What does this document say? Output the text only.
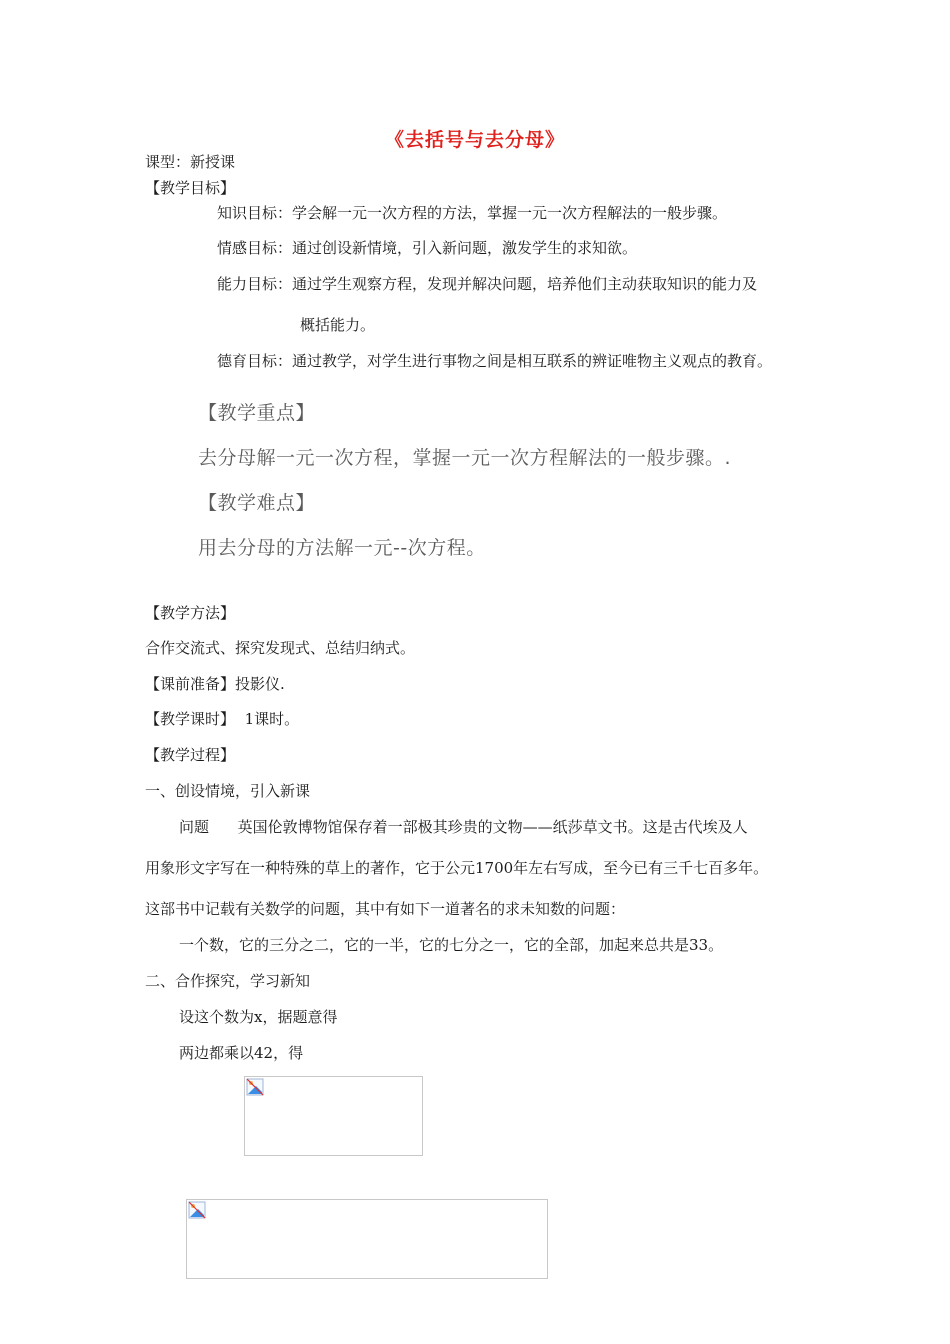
《去括号与去分母》
课型：新授课
【教学目标】
知识目标：学会解一元一次方程的方法，掌握一元一次方程解法的一般步骤。
情感目标：通过创设新情境，引入新问题，激发学生的求知欲。
能力目标：通过学生观察方程，发现并解决问题，培养他们主动获取知识的能力及
概括能力。
德育目标：通过教学，对学生进行事物之间是相互联系的辨证唯物主义观点的教育。
【教学重点】
去分母解一元一次方程，掌握一元一次方程解法的一般步骤。.
【教学难点】
用去分母的方法解一元--次方程。
【教学方法】
合作交流式、探究发现式、总结归纳式。
【课前准备】投影仪.
【教学课时】 1课时。
【教学过程】
一、创设情境，引入新课
问题 英国伦敦博物馆保存着一部极其珍贵的文物——纸莎草文书。这是古代埃及人
用象形文字写在一种特殊的草上的著作，它于公元1700年左右写成，至今已有三千七百多年。
这部书中记载有关数学的问题，其中有如下一道著名的求未知数的问题：
一个数，它的三分之二，它的一半，它的七分之一，它的全部，加起来总共是33。
二、合作探究，学习新知
设这个数为x，据题意得
两边都乘以42，得
